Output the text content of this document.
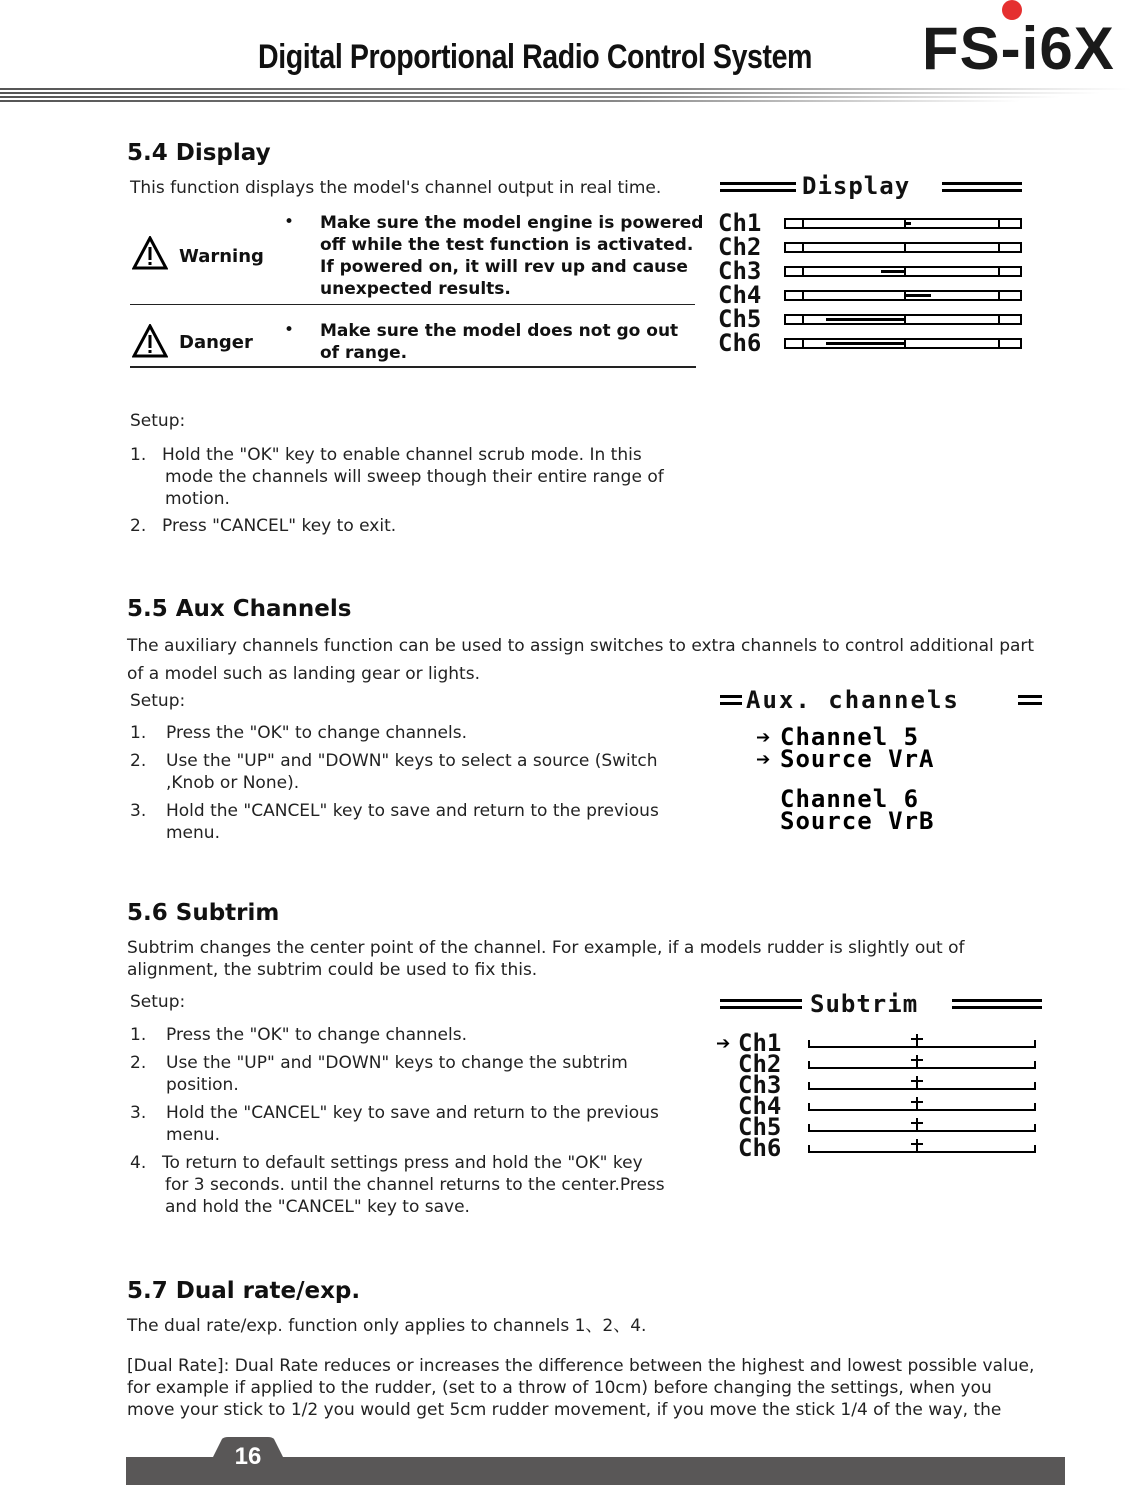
Digital Proportional Radio Control System FS-i6X
5.4 Display

This function displays the model's channel output in real time.

Warning
• Make sure the model engine is powered
off while the test function is activated.
If powered on, it will rev up and cause
unexpected results.
Danger
• Make sure the model does not go out
of range.

Setup:

1. Hold the "OK" key to enable channel scrub mode. In this
mode the channels will sweep though their entire range of
motion.
2. Press "CANCEL" key to exit.
Display
Ch1
Ch2
Ch3
Ch4
Ch5
Ch6
5.5 Aux Channels
The auxiliary channels function can be used to assign switches to extra channels to control additional part
of a model such as landing gear or lights.

Setup:

1. Press the "OK" to change channels.
2. Use the "UP" and "DOWN" keys to select a source (Switch
,Knob or None).
3. Hold the "CANCEL" key to save and return to the previous
menu.
Aux. channels
➔
➔
Channel 5
Source VrA
Channel 6
Source VrB
5.6 Subtrim
Subtrim changes the center point of the channel. For example, if a models rudder is slightly out of
alignment, the subtrim could be used to fix this.

Setup:

1. Press the "OK" to change channels.
2. Use the "UP" and "DOWN" keys to change the subtrim
position.
3. Hold the "CANCEL" key to save and return to the previous
menu.
4. To return to default settings press and hold the "OK" key
for 3 seconds. until the channel returns to the center.Press
and hold the "CANCEL" key to save.
Subtrim
➔ Ch1
Ch2
Ch3
Ch4
Ch5
Ch6
5.7 Dual rate/exp.

The dual rate/exp. function only applies to channels 1、2、4.

[Dual Rate]: Dual Rate reduces or increases the difference between the highest and lowest possible value,
for example if applied to the rudder, (set to a throw of 10cm) before changing the settings, when you
move your stick to 1/2 you would get 5cm rudder movement, if you move the stick 1/4 of the way, the
16
